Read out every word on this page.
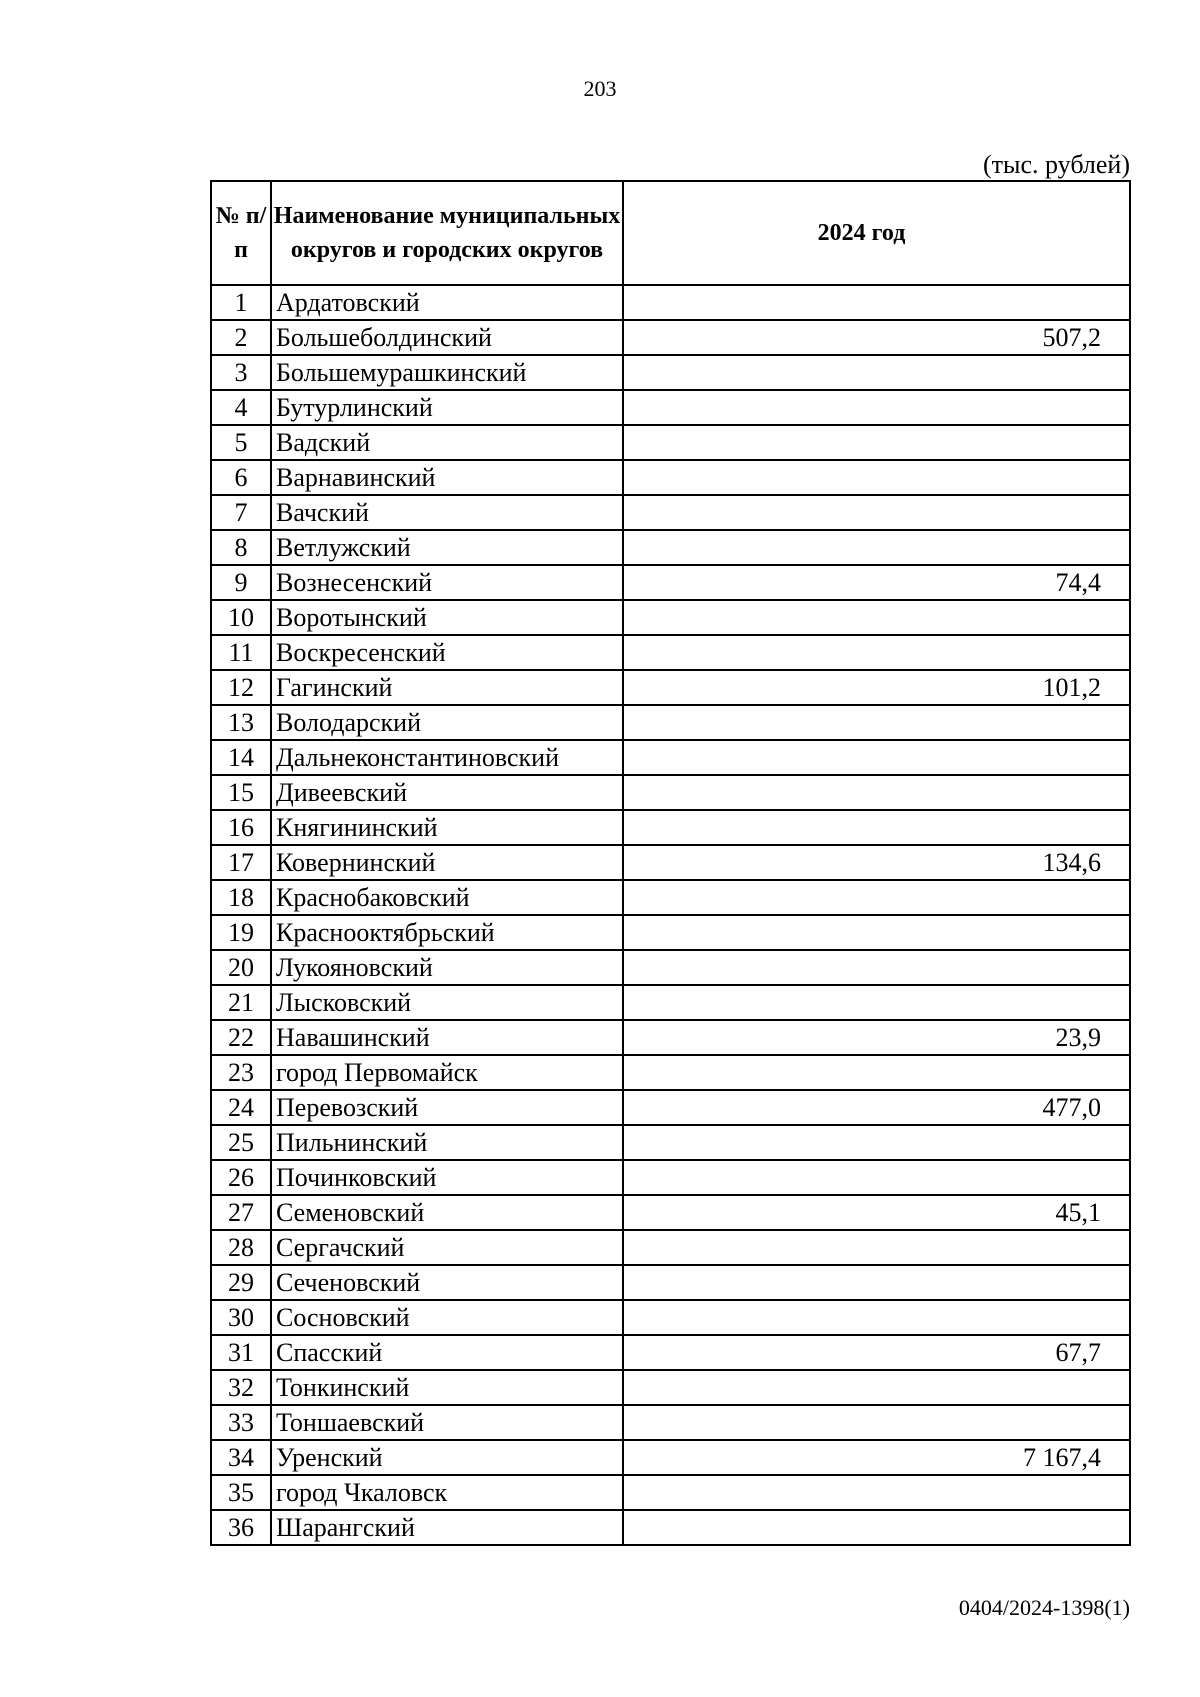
203
(тыс. рублей)
№ п/п	Наименование муниципальных округов и городских округов	2024 год
1	Ардатовский	
2	Большеболдинский	507,2
3	Большемурашкинский	
4	Бутурлинский	
5	Вадский	
6	Варнавинский	
7	Вачский	
8	Ветлужский	
9	Вознесенский	74,4
10	Воротынский	
11	Воскресенский	
12	Гагинский	101,2
13	Володарский	
14	Дальнеконстантиновский	
15	Дивеевский	
16	Княгининский	
17	Ковернинский	134,6
18	Краснобаковский	
19	Краснооктябрьский	
20	Лукояновский	
21	Лысковский	
22	Навашинский	23,9
23	город Первомайск	
24	Перевозский	477,0
25	Пильнинский	
26	Починковский	
27	Семеновский	45,1
28	Сергачский	
29	Сеченовский	
30	Сосновский	
31	Спасский	67,7
32	Тонкинский	
33	Тоншаевский	
34	Уренский	7 167,4
35	город Чкаловск	
36	Шарангский	
0404/2024-1398(1)
